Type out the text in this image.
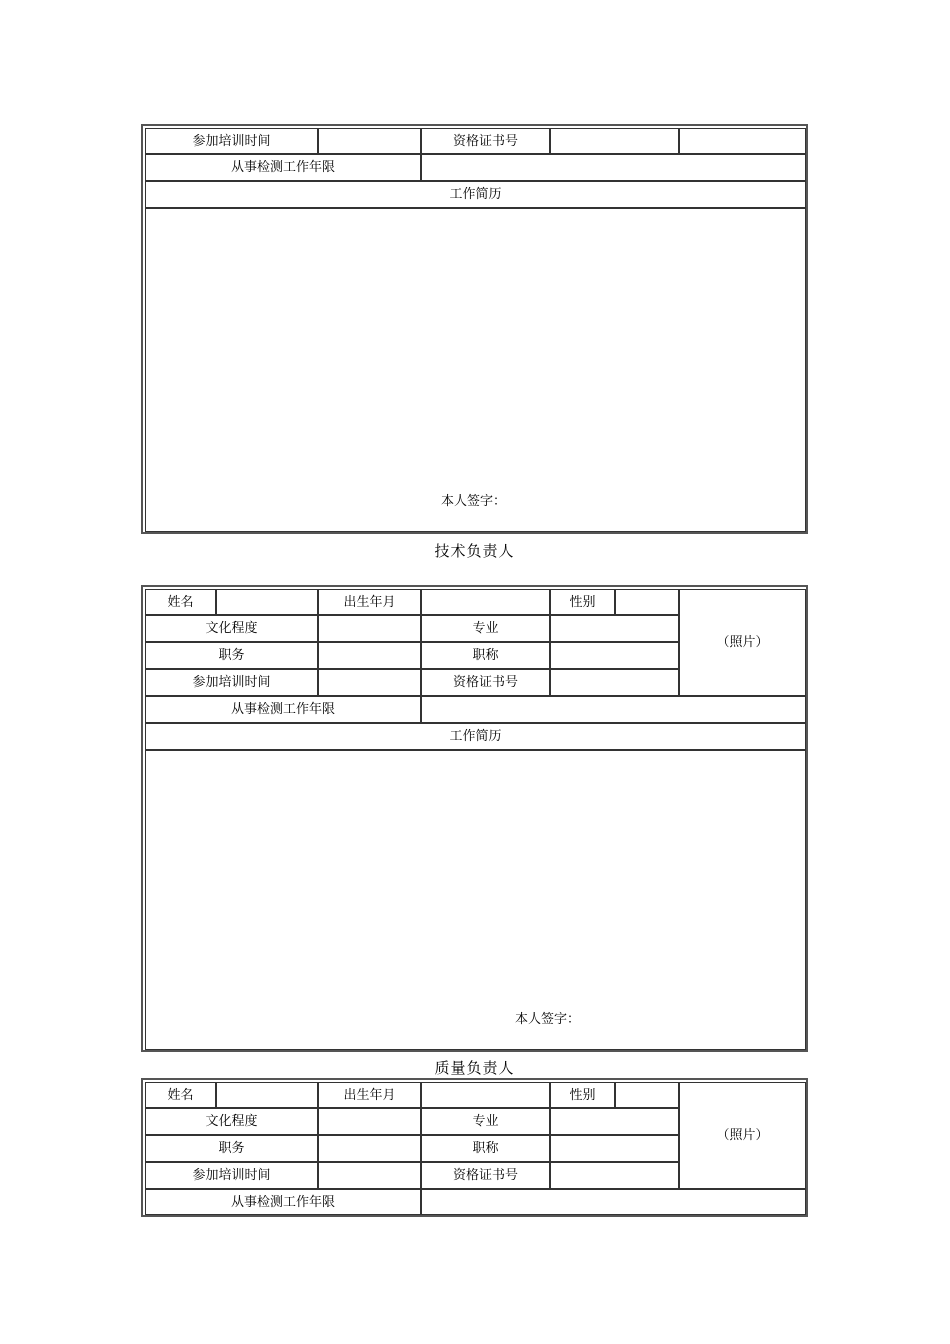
参加培训时间	资格证书号
从事检测工作年限
工作简历
本人签字：
技术负责人
姓名	出生年月	性别
（照片）
文化程度	专业
职务	职称
参加培训时间	资格证书号
从事检测工作年限
工作简历
本人签字：
质量负责人
姓名	出生年月	性别
（照片）
文化程度	专业
职务	职称
参加培训时间	资格证书号
从事检测工作年限
